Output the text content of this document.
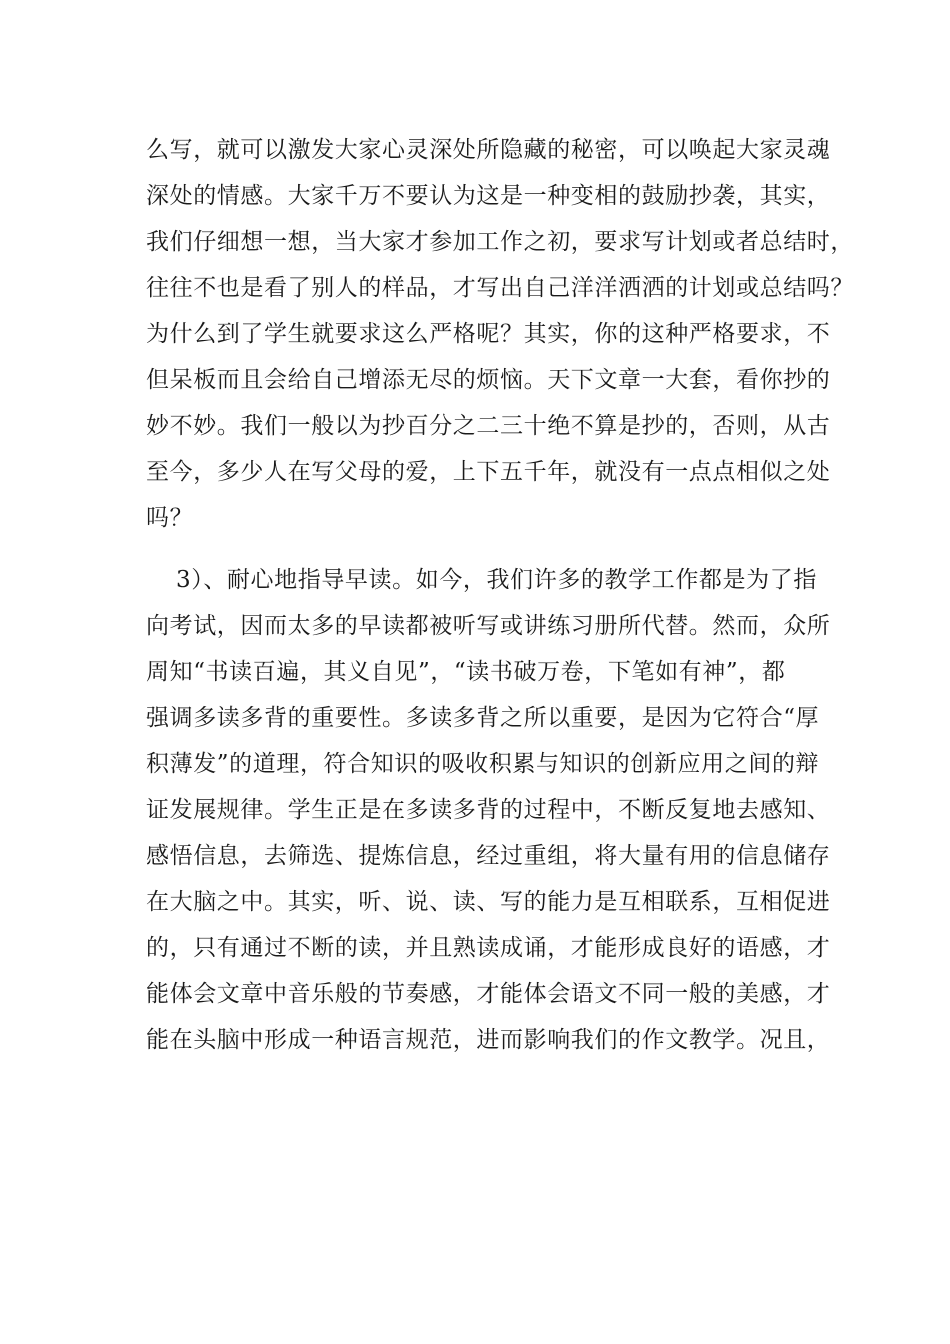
么写，就可以激发大家心灵深处所隐藏的秘密，可以唤起大家灵魂
深处的情感。大家千万不要认为这是一种变相的鼓励抄袭，其实，
我们仔细想一想，当大家才参加工作之初，要求写计划或者总结时，
往往不也是看了别人的样品，才写出自己洋洋洒洒的计划或总结吗？
为什么到了学生就要求这么严格呢？其实，你的这种严格要求，不
但呆板而且会给自己增添无尽的烦恼。天下文章一大套，看你抄的
妙不妙。我们一般以为抄百分之二三十绝不算是抄的，否则，从古
至今，多少人在写父母的爱，上下五千年，就没有一点点相似之处
吗？
3）、耐心地指导早读。如今，我们许多的教学工作都是为了指
向考试，因而太多的早读都被听写或讲练习册所代替。然而，众所
周知“书读百遍，其义自见”，“读书破万卷，下笔如有神”，都
强调多读多背的重要性。多读多背之所以重要，是因为它符合“厚
积薄发”的道理，符合知识的吸收积累与知识的创新应用之间的辩
证发展规律。学生正是在多读多背的过程中，不断反复地去感知、
感悟信息，去筛选、提炼信息，经过重组，将大量有用的信息储存
在大脑之中。其实，听、说、读、写的能力是互相联系，互相促进
的，只有通过不断的读，并且熟读成诵，才能形成良好的语感，才
能体会文章中音乐般的节奏感，才能体会语文不同一般的美感，才
能在头脑中形成一种语言规范，进而影响我们的作文教学。况且，
